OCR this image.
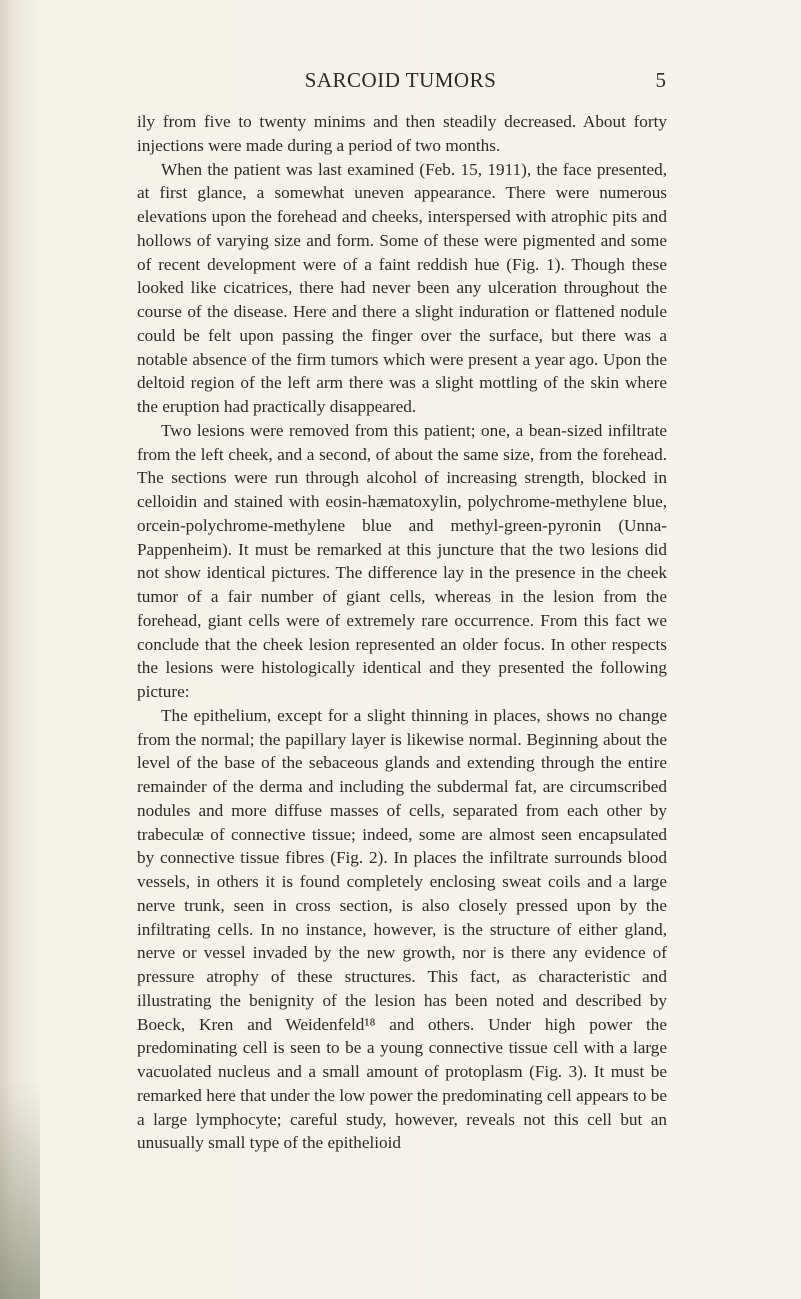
SARCOID TUMORS	5

ily from five to twenty minims and then steadily decreased. About forty injections were made during a period of two months.

When the patient was last examined (Feb. 15, 1911), the face presented, at first glance, a somewhat uneven appearance. There were numerous elevations upon the forehead and cheeks, interspersed with atrophic pits and hollows of varying size and form. Some of these were pigmented and some of recent development were of a faint reddish hue (Fig. 1). Though these looked like cicatrices, there had never been any ulceration throughout the course of the disease. Here and there a slight induration or flattened nodule could be felt upon passing the finger over the surface, but there was a notable absence of the firm tumors which were present a year ago. Upon the deltoid region of the left arm there was a slight mottling of the skin where the eruption had practically disappeared.

Two lesions were removed from this patient; one, a bean-sized infiltrate from the left cheek, and a second, of about the same size, from the forehead. The sections were run through alcohol of increasing strength, blocked in celloidin and stained with eosin-hæmatoxylin, polychrome-methylene blue, orcein-polychrome-methylene blue and methyl-green-pyronin (Unna-Pappenheim). It must be remarked at this juncture that the two lesions did not show identical pictures. The difference lay in the presence in the cheek tumor of a fair number of giant cells, whereas in the lesion from the forehead, giant cells were of extremely rare occurrence. From this fact we conclude that the cheek lesion represented an older focus. In other respects the lesions were histologically identical and they presented the following picture:

The epithelium, except for a slight thinning in places, shows no change from the normal; the papillary layer is likewise normal. Beginning about the level of the base of the sebaceous glands and extending through the entire remainder of the derma and including the subdermal fat, are circumscribed nodules and more diffuse masses of cells, separated from each other by trabeculæ of connective tissue; indeed, some are almost seen encapsulated by connective tissue fibres (Fig. 2). In places the infiltrate surrounds blood vessels, in others it is found completely enclosing sweat coils and a large nerve trunk, seen in cross section, is also closely pressed upon by the infiltrating cells. In no instance, however, is the structure of either gland, nerve or vessel invaded by the new growth, nor is there any evidence of pressure atrophy of these structures. This fact, as characteristic and illustrating the benignity of the lesion has been noted and described by Boeck, Kren and Weidenfeld¹⁸ and others. Under high power the predominating cell is seen to be a young connective tissue cell with a large vacuolated nucleus and a small amount of protoplasm (Fig. 3). It must be remarked here that under the low power the predominating cell appears to be a large lymphocyte; careful study, however, reveals not this cell but an unusually small type of the epithelioid
